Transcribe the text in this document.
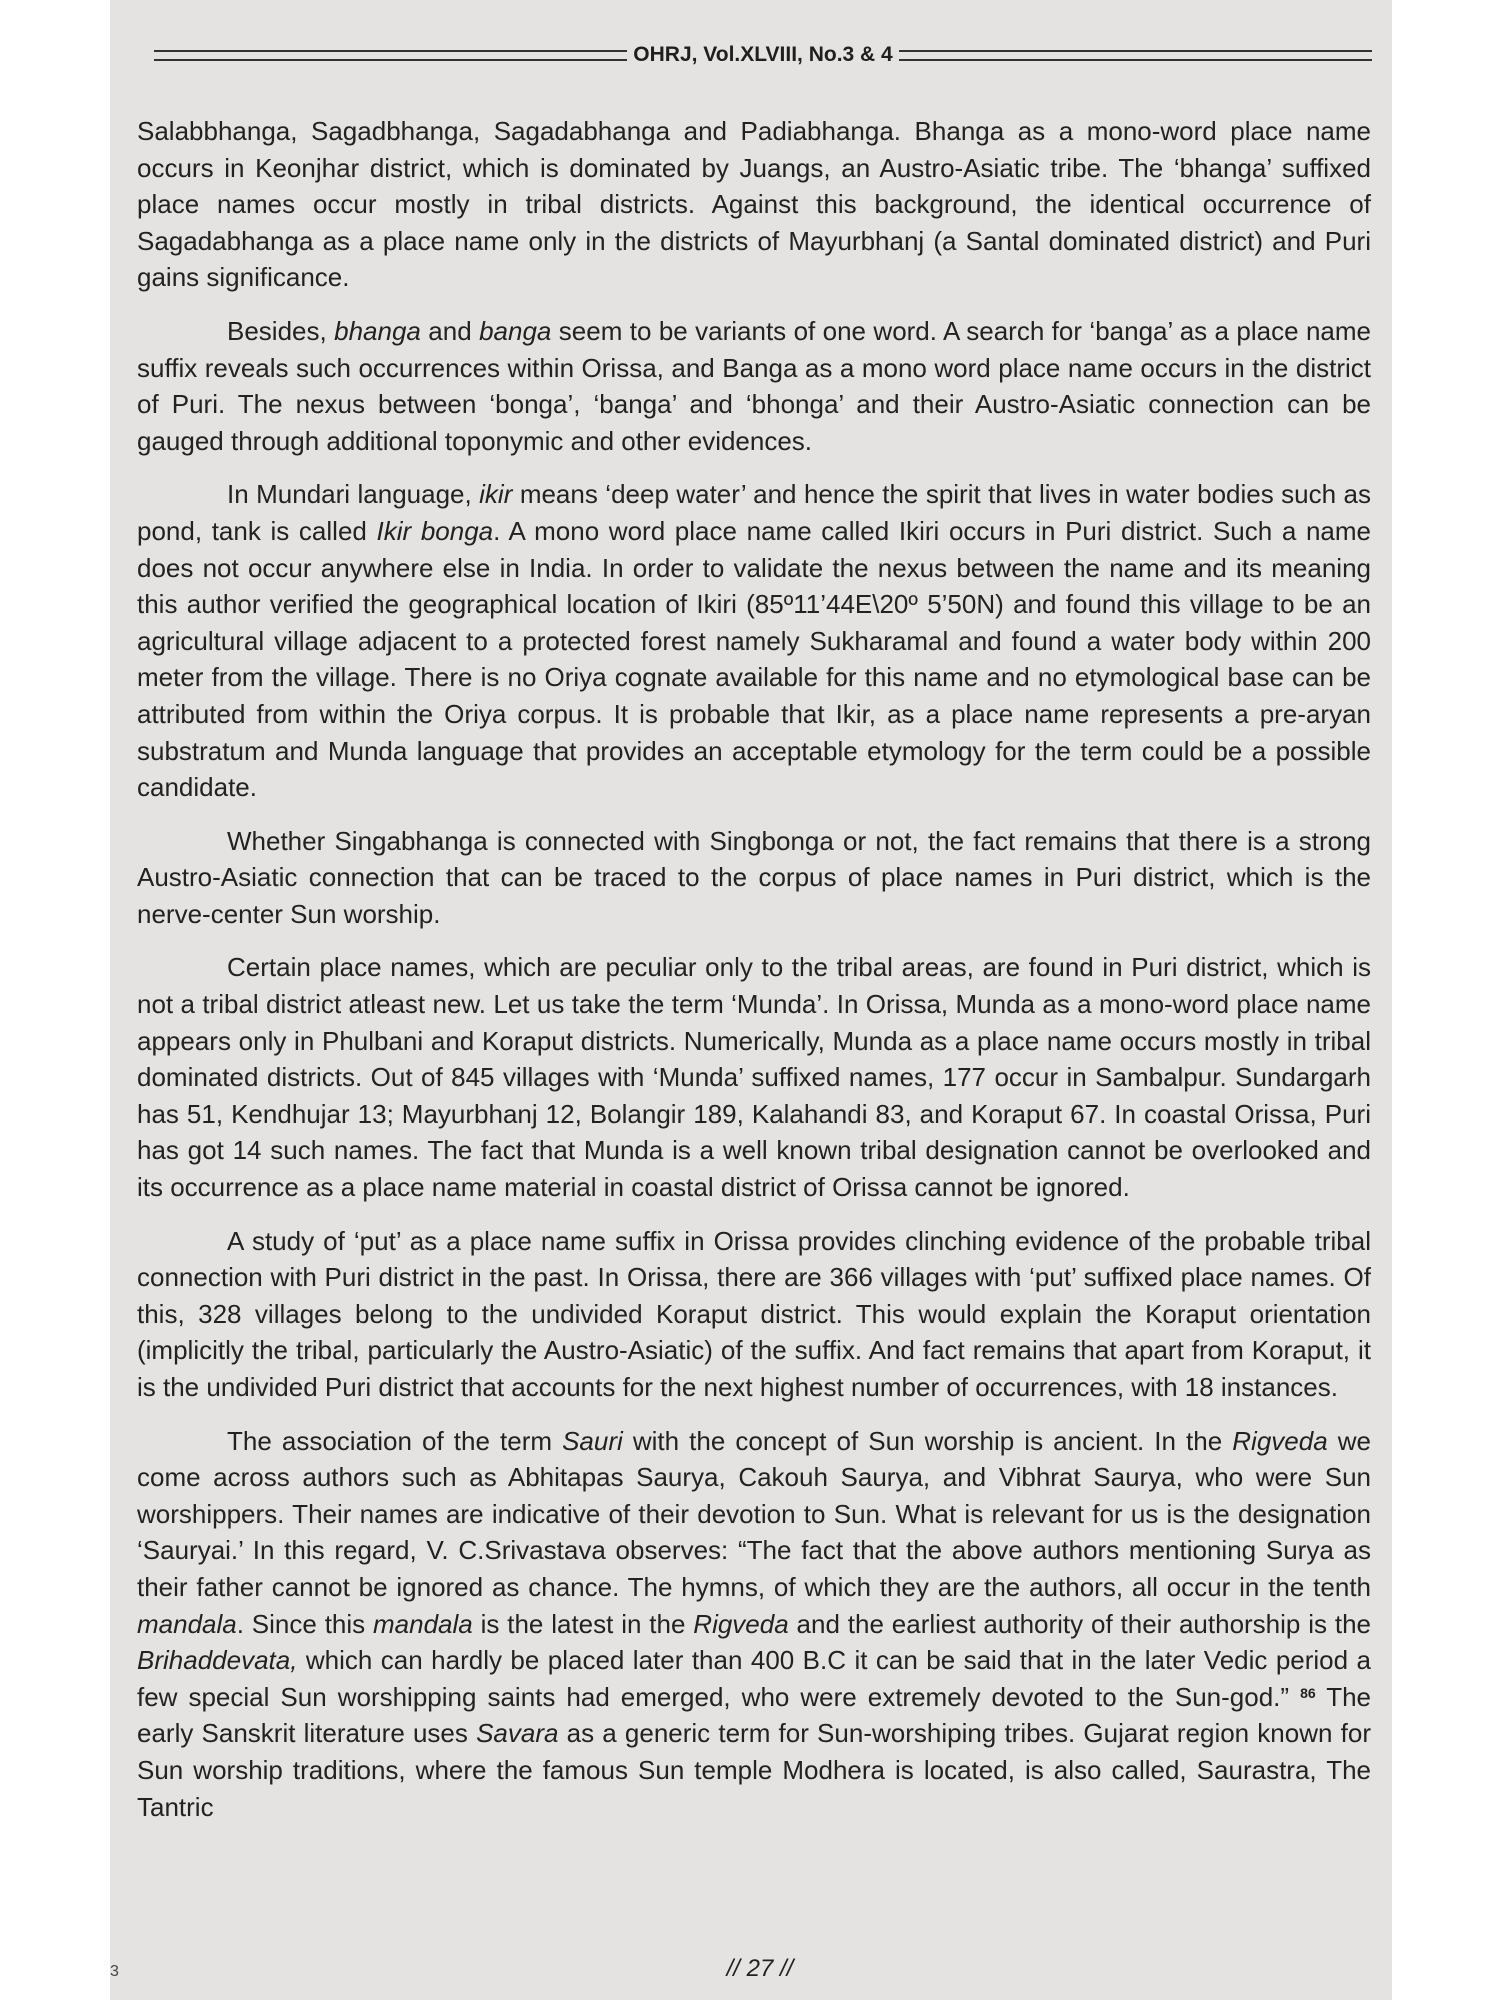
OHRJ, Vol.XLVIII, No.3 & 4

Salabbhanga, Sagadbhanga, Sagadabhanga and Padiabhanga. Bhanga as a mono-word place name occurs in Keonjhar district, which is dominated by Juangs, an Austro-Asiatic tribe. The ‘bhanga’ suffixed place names occur mostly in tribal districts. Against this background, the identical occurrence of Sagadabhanga as a place name only in the districts of Mayurbhanj (a Santal dominated district) and Puri gains significance.

Besides, bhanga and banga seem to be variants of one word. A search for ‘banga’ as a place name suffix reveals such occurrences within Orissa, and Banga as a mono word place name occurs in the district of Puri. The nexus between ‘bonga’, ‘banga’ and ‘bhonga’ and their Austro-Asiatic connection can be gauged through additional toponymic and other evidences.

In Mundari language, ikir means ‘deep water’ and hence the spirit that lives in water bodies such as pond, tank is called Ikir bonga. A mono word place name called Ikiri occurs in Puri district. Such a name does not occur anywhere else in India. In order to validate the nexus between the name and its meaning this author verified the geographical location of Ikiri (85º11’44E\20º 5’50N) and found this village to be an agricultural village adjacent to a protected forest namely Sukharamal and found a water body within 200 meter from the village. There is no Oriya cognate available for this name and no etymological base can be attributed from within the Oriya corpus. It is probable that Ikir, as a place name represents a pre-aryan substratum and Munda language that provides an acceptable etymology for the term could be a possible candidate.

Whether Singabhanga is connected with Singbonga or not, the fact remains that there is a strong Austro-Asiatic connection that can be traced to the corpus of place names in Puri district, which is the nerve-center Sun worship.

Certain place names, which are peculiar only to the tribal areas, are found in Puri district, which is not a tribal district atleast new. Let us take the term ‘Munda’. In Orissa, Munda as a mono-word place name appears only in Phulbani and Koraput districts. Numerically, Munda as a place name occurs mostly in tribal dominated districts. Out of 845 villages with ‘Munda’ suffixed names, 177 occur in Sambalpur. Sundargarh has 51, Kendhujar 13; Mayurbhanj 12, Bolangir 189, Kalahandi 83, and Koraput 67. In coastal Orissa, Puri has got 14 such names. The fact that Munda is a well known tribal designation cannot be overlooked and its occurrence as a place name material in coastal district of Orissa cannot be ignored.

A study of ‘put’ as a place name suffix in Orissa provides clinching evidence of the probable tribal connection with Puri district in the past. In Orissa, there are 366 villages with ‘put’ suffixed place names. Of this, 328 villages belong to the undivided Koraput district. This would explain the Koraput orientation (implicitly the tribal, particularly the Austro-Asiatic) of the suffix. And fact remains that apart from Koraput, it is the undivided Puri district that accounts for the next highest number of occurrences, with 18 instances.

The association of the term Sauri with the concept of Sun worship is ancient. In the Rigveda we come across authors such as Abhitapas Saurya, Cakouh Saurya, and Vibhrat Saurya, who were Sun worshippers. Their names are indicative of their devotion to Sun. What is relevant for us is the designation ‘Sauryai.’ In this regard, V. C.Srivastava observes: “The fact that the above authors mentioning Surya as their father cannot be ignored as chance. The hymns, of which they are the authors, all occur in the tenth mandala. Since this mandala is the latest in the Rigveda and the earliest authority of their authorship is the Brihaddevata, which can hardly be placed later than 400 B.C it can be said that in the later Vedic period a few special Sun worshipping saints had emerged, who were extremely devoted to the Sun-god.” $^{86}$ The early Sanskrit literature uses Savara as a generic term for Sun-worshiping tribes. Gujarat region known for Sun worship traditions, where the famous Sun temple Modhera is located, is also called, Saurastra, The Tantric

3	// 27 //
